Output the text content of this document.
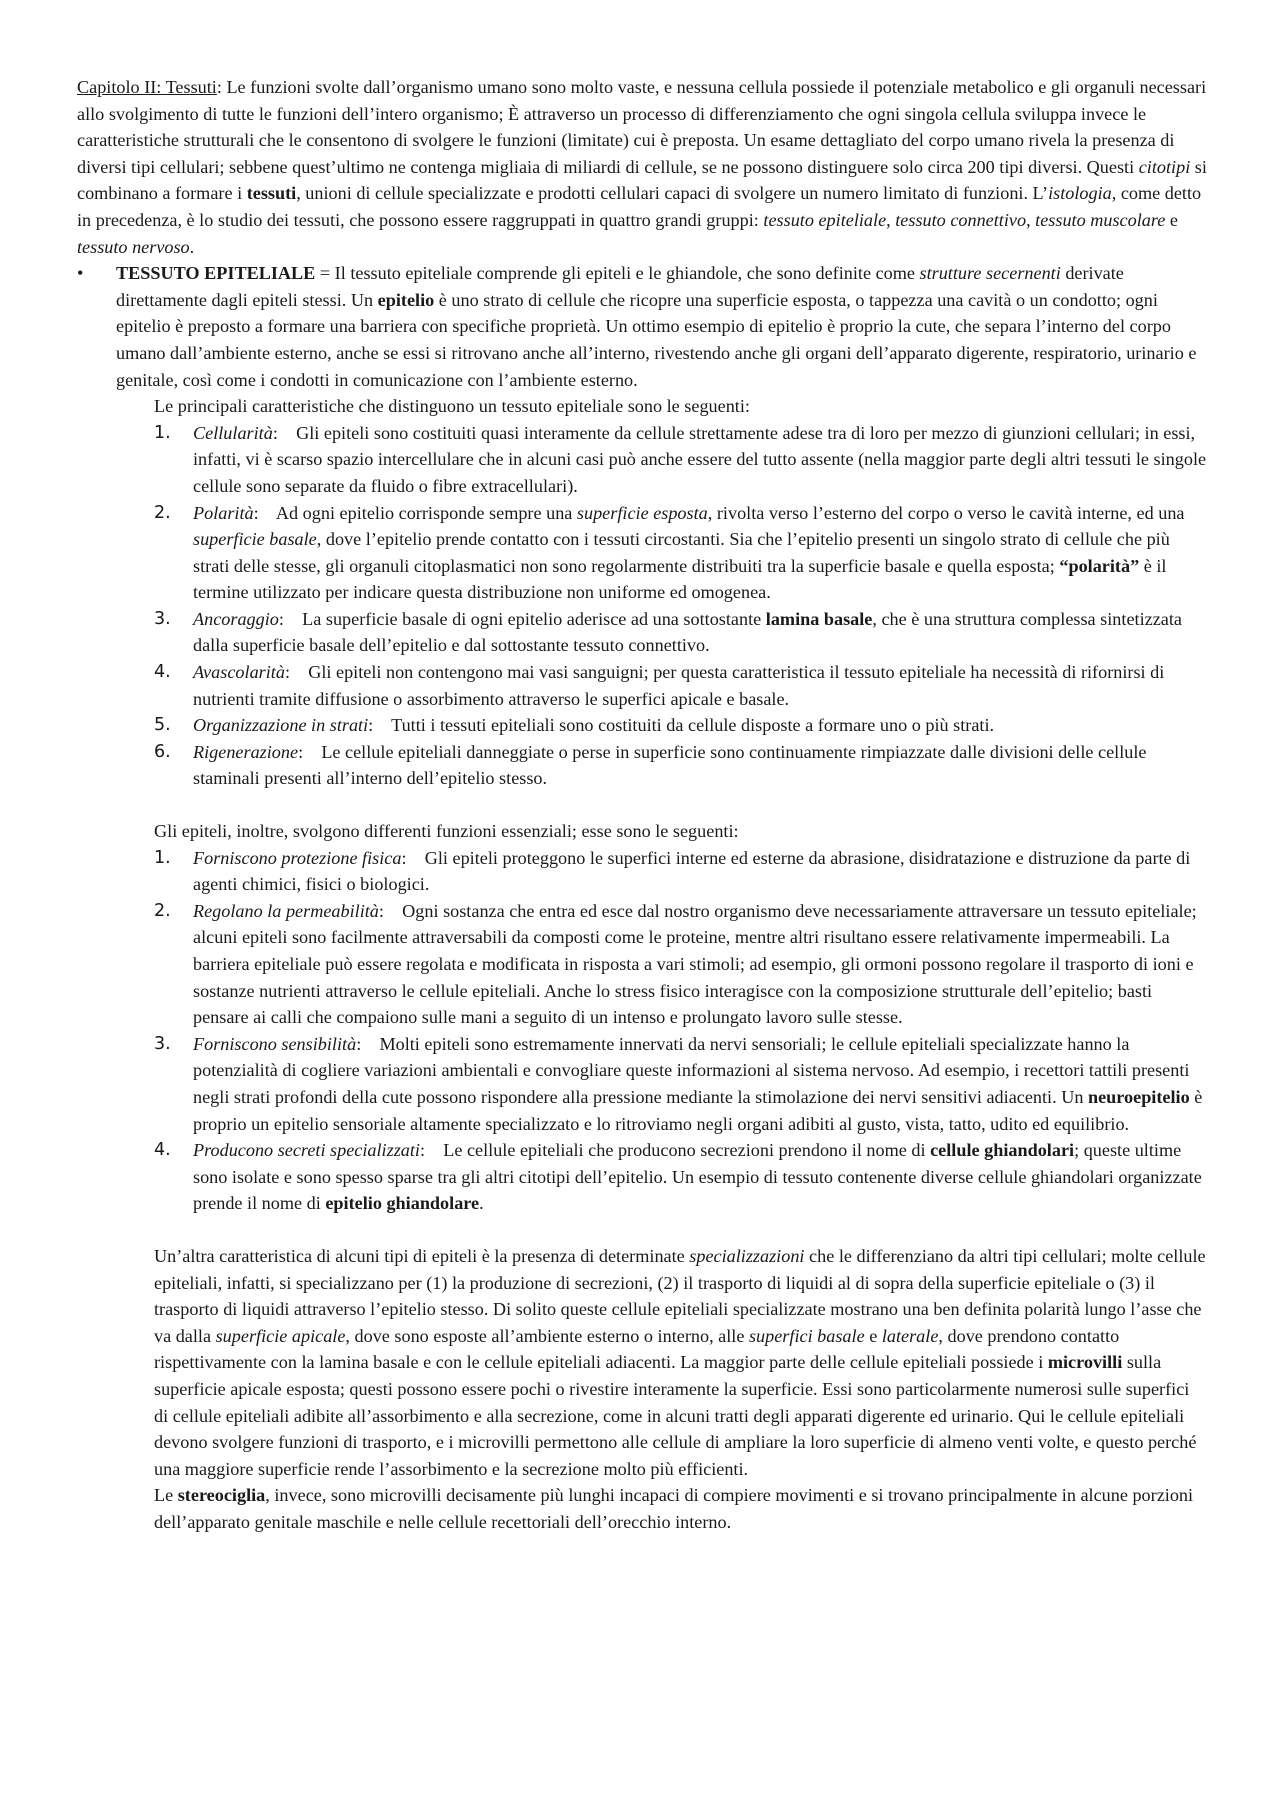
Capitolo II: Tessuti: Le funzioni svolte dall’organismo umano sono molto vaste, e nessuna cellula possiede il potenziale metabolico e gli organuli necessari allo svolgimento di tutte le funzioni dell’intero organismo; È attraverso un processo di differenziamento che ogni singola cellula sviluppa invece le caratteristiche strutturali che le consentono di svolgere le funzioni (limitate) cui è preposta. Un esame dettagliato del corpo umano rivela la presenza di diversi tipi cellulari; sebbene quest’ultimo ne contenga migliaia di miliardi di cellule, se ne possono distinguere solo circa 200 tipi diversi. Questi citotipi si combinano a formare i tessuti, unioni di cellule specializzate e prodotti cellulari capaci di svolgere un numero limitato di funzioni. L’istologia, come detto in precedenza, è lo studio dei tessuti, che possono essere raggruppati in quattro grandi gruppi: tessuto epiteliale, tessuto connettivo, tessuto muscolare e tessuto nervoso.

• TESSUTO EPITELIALE = Il tessuto epiteliale comprende gli epiteli e le ghiandole, che sono definite come strutture secernenti derivate direttamente dagli epiteli stessi. Un epitelio è uno strato di cellule che ricopre una superficie esposta, o tappezza una cavità o un condotto; ogni epitelio è preposto a formare una barriera con specifiche proprietà. Un ottimo esempio di epitelio è proprio la cute, che separa l’interno del corpo umano dall’ambiente esterno, anche se essi si ritrovano anche all’interno, rivestendo anche gli organi dell’apparato digerente, respiratorio, urinario e genitale, così come i condotti in comunicazione con l’ambiente esterno.

Le principali caratteristiche che distinguono un tessuto epiteliale sono le seguenti:

1. Cellularità: Gli epiteli sono costituiti quasi interamente da cellule strettamente adese tra di loro per mezzo di giunzioni cellulari; in essi, infatti, vi è scarso spazio intercellulare che in alcuni casi può anche essere del tutto assente (nella maggior parte degli altri tessuti le singole cellule sono separate da fluido o fibre extracellulari).
2. Polarità: Ad ogni epitelio corrisponde sempre una superficie esposta, rivolta verso l’esterno del corpo o verso le cavità interne, ed una superficie basale, dove l’epitelio prende contatto con i tessuti circostanti. Sia che l’epitelio presenti un singolo strato di cellule che più strati delle stesse, gli organuli citoplasmatici non sono regolarmente distribuiti tra la superficie basale e quella esposta; “polarità” è il termine utilizzato per indicare questa distribuzione non uniforme ed omogenea.
3. Ancoraggio: La superficie basale di ogni epitelio aderisce ad una sottostante lamina basale, che è una struttura complessa sintetizzata dalla superficie basale dell’epitelio e dal sottostante tessuto connettivo.
4. Avascolarità: Gli epiteli non contengono mai vasi sanguigni; per questa caratteristica il tessuto epiteliale ha necessità di rifornirsi di nutrienti tramite diffusione o assorbimento attraverso le superfici apicale e basale.
5. Organizzazione in strati: Tutti i tessuti epiteliali sono costituiti da cellule disposte a formare uno o più strati.
6. Rigenerazione: Le cellule epiteliali danneggiate o perse in superficie sono continuamente rimpiazzate dalle divisioni delle cellule staminali presenti all’interno dell’epitelio stesso.

Gli epiteli, inoltre, svolgono differenti funzioni essenziali; esse sono le seguenti:

1. Forniscono protezione fisica: Gli epiteli proteggono le superfici interne ed esterne da abrasione, disidratazione e distruzione da parte di agenti chimici, fisici o biologici.
2. Regolano la permeabilità: Ogni sostanza che entra ed esce dal nostro organismo deve necessariamente attraversare un tessuto epiteliale; alcuni epiteli sono facilmente attraversabili da composti come le proteine, mentre altri risultano essere relativamente impermeabili. La barriera epiteliale può essere regolata e modificata in risposta a vari stimoli; ad esempio, gli ormoni possono regolare il trasporto di ioni e sostanze nutrienti attraverso le cellule epiteliali. Anche lo stress fisico interagisce con la composizione strutturale dell’epitelio; basti pensare ai calli che compaiono sulle mani a seguito di un intenso e prolungato lavoro sulle stesse.
3. Forniscono sensibilità: Molti epiteli sono estremamente innervati da nervi sensoriali; le cellule epiteliali specializzate hanno la potenzialità di cogliere variazioni ambientali e convogliare queste informazioni al sistema nervoso. Ad esempio, i recettori tattili presenti negli strati profondi della cute possono rispondere alla pressione mediante la stimolazione dei nervi sensitivi adiacenti. Un neuroepitelio è proprio un epitelio sensoriale altamente specializzato e lo ritroviamo negli organi adibiti al gusto, vista, tatto, udito ed equilibrio.
4. Producono secreti specializzati: Le cellule epiteliali che producono secrezioni prendono il nome di cellule ghiandolari; queste ultime sono isolate e sono spesso sparse tra gli altri citotipi dell’epitelio. Un esempio di tessuto contenente diverse cellule ghiandolari organizzate prende il nome di epitelio ghiandolare.

Un’altra caratteristica di alcuni tipi di epiteli è la presenza di determinate specializzazioni che le differenziano da altri tipi cellulari; molte cellule epiteliali, infatti, si specializzano per (1) la produzione di secrezioni, (2) il trasporto di liquidi al di sopra della superficie epiteliale o (3) il trasporto di liquidi attraverso l’epitelio stesso. Di solito queste cellule epiteliali specializzate mostrano una ben definita polarità lungo l’asse che va dalla superficie apicale, dove sono esposte all’ambiente esterno o interno, alle superfici basale e laterale, dove prendono contatto rispettivamente con la lamina basale e con le cellule epiteliali adiacenti. La maggior parte delle cellule epiteliali possiede i microvilli sulla superficie apicale esposta; questi possono essere pochi o rivestire interamente la superficie. Essi sono particolarmente numerosi sulle superfici di cellule epiteliali adibite all’assorbimento e alla secrezione, come in alcuni tratti degli apparati digerente ed urinario. Qui le cellule epiteliali devono svolgere funzioni di trasporto, e i microvilli permettono alle cellule di ampliare la loro superficie di almeno venti volte, e questo perché una maggiore superficie rende l’assorbimento e la secrezione molto più efficienti.

Le stereociglia, invece, sono microvilli decisamente più lunghi incapaci di compiere movimenti e si trovano principalmente in alcune porzioni dell’apparato genitale maschile e nelle cellule recettoriali dell’orecchio interno.
